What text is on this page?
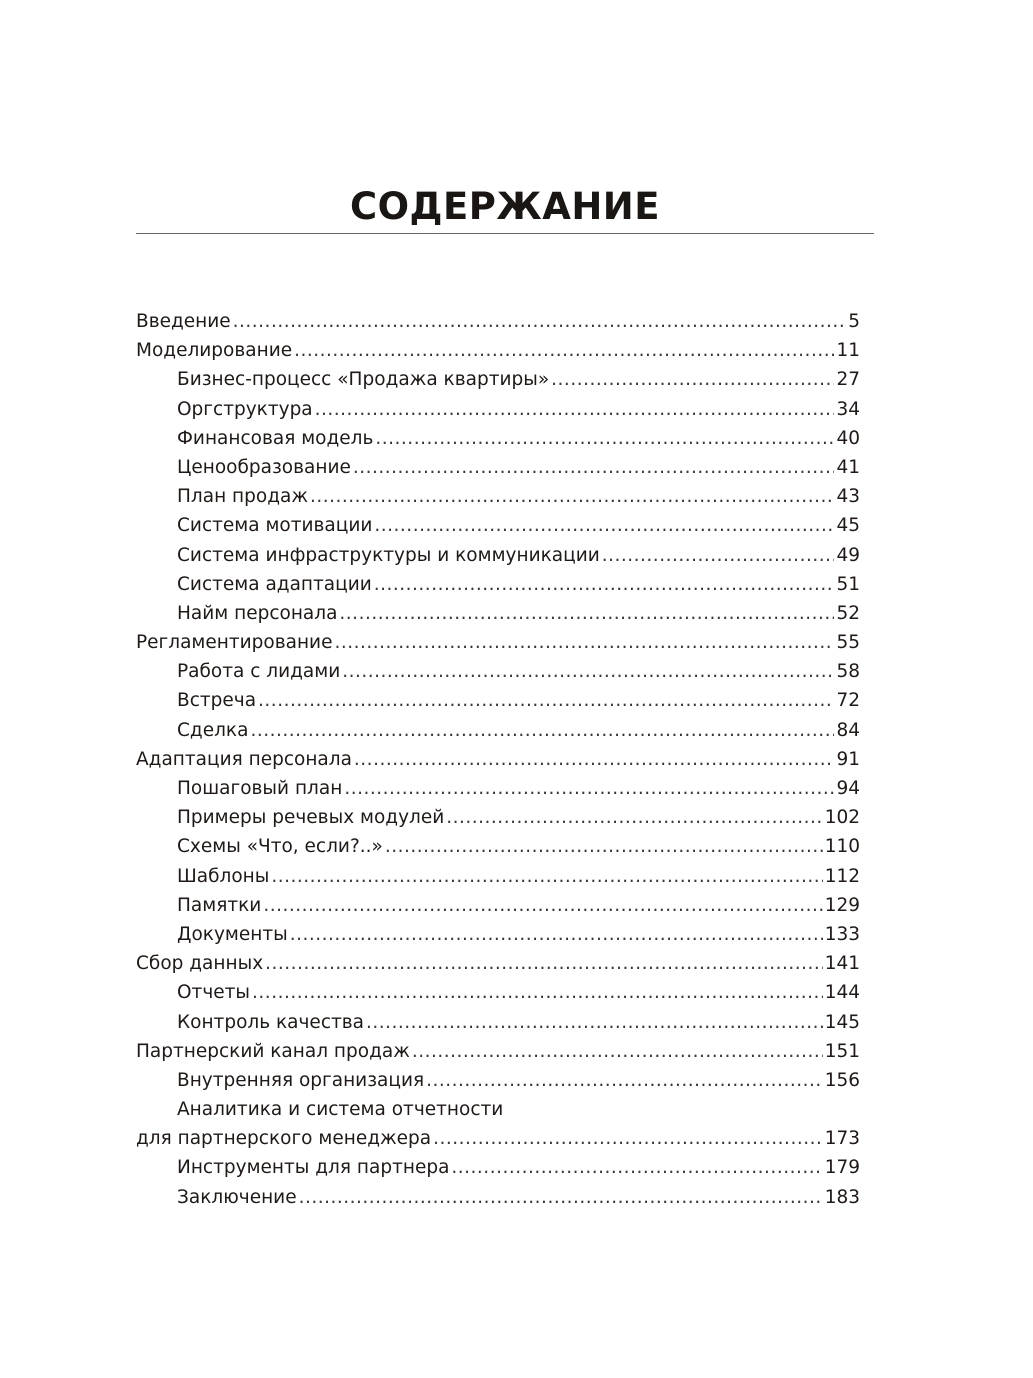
СОДЕРЖАНИЕ
Введение .....	5
Моделирование .....	11
Бизнес-процесс «Продажа квартиры» .....	27
Оргструктура .....	34
Финансовая модель .....	40
Ценообразование .....	41
План продаж .....	43
Система мотивации .....	45
Система инфраструктуры и коммуникации .....	49
Система адаптации .....	51
Найм персонала .....	52
Регламентирование .....	55
Работа с лидами .....	58
Встреча .....	72
Сделка .....	84
Адаптация персонала .....	91
Пошаговый план .....	94
Примеры речевых модулей .....	102
Схемы «Что, если?..» .....	110
Шаблоны .....	112
Памятки .....	129
Документы .....	133
Сбор данных .....	141
Отчеты .....	144
Контроль качества .....	145
Партнерский канал продаж .....	151
Внутренняя организация .....	156
Аналитика и система отчетности
для партнерского менеджера .....	173
Инструменты для партнера .....	179
Заключение .....	183
